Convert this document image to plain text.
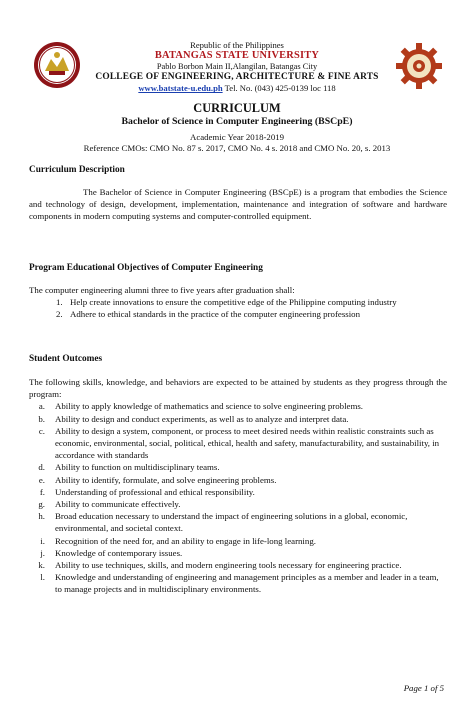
Republic of the Philippines
BATANGAS STATE UNIVERSITY
Pablo Borbon Main II,Alangilan, Batangas City
COLLEGE OF ENGINEERING, ARCHITECTURE & FINE ARTS
www.batstate-u.edu.ph Tel. No. (043) 425-0139 loc 118
CURRICULUM
Bachelor of Science in Computer Engineering (BSCpE)
Academic Year 2018-2019
Reference CMOs: CMO No. 87 s. 2017, CMO No. 4 s. 2018 and CMO No. 20, s. 2013
Curriculum Description
The Bachelor of Science in Computer Engineering (BSCpE) is a program that embodies the Science and technology of design, development, implementation, maintenance and integration of software and hardware components in modern computing systems and computer-controlled equipment.
Program Educational Objectives of Computer Engineering
The computer engineering alumni three to five years after graduation shall:
1. Help create innovations to ensure the competitive edge of the Philippine computing industry
2. Adhere to ethical standards in the practice of the computer engineering profession
Student Outcomes
The following skills, knowledge, and behaviors are expected to be attained by students as they progress through the program:
a. Ability to apply knowledge of mathematics and science to solve engineering problems.
b. Ability to design and conduct experiments, as well as to analyze and interpret data.
c. Ability to design a system, component, or process to meet desired needs within realistic constraints such as economic, environmental, social, political, ethical, health and safety, manufacturability, and sustainability, in accordance with standards
d. Ability to function on multidisciplinary teams.
e. Ability to identify, formulate, and solve engineering problems.
f. Understanding of professional and ethical responsibility.
g. Ability to communicate effectively.
h. Broad education necessary to understand the impact of engineering solutions in a global, economic, environmental, and societal context.
i. Recognition of the need for, and an ability to engage in life-long learning.
j. Knowledge of contemporary issues.
k. Ability to use techniques, skills, and modern engineering tools necessary for engineering practice.
l. Knowledge and understanding of engineering and management principles as a member and leader in a team, to manage projects and in multidisciplinary environments.
Page 1 of 5
